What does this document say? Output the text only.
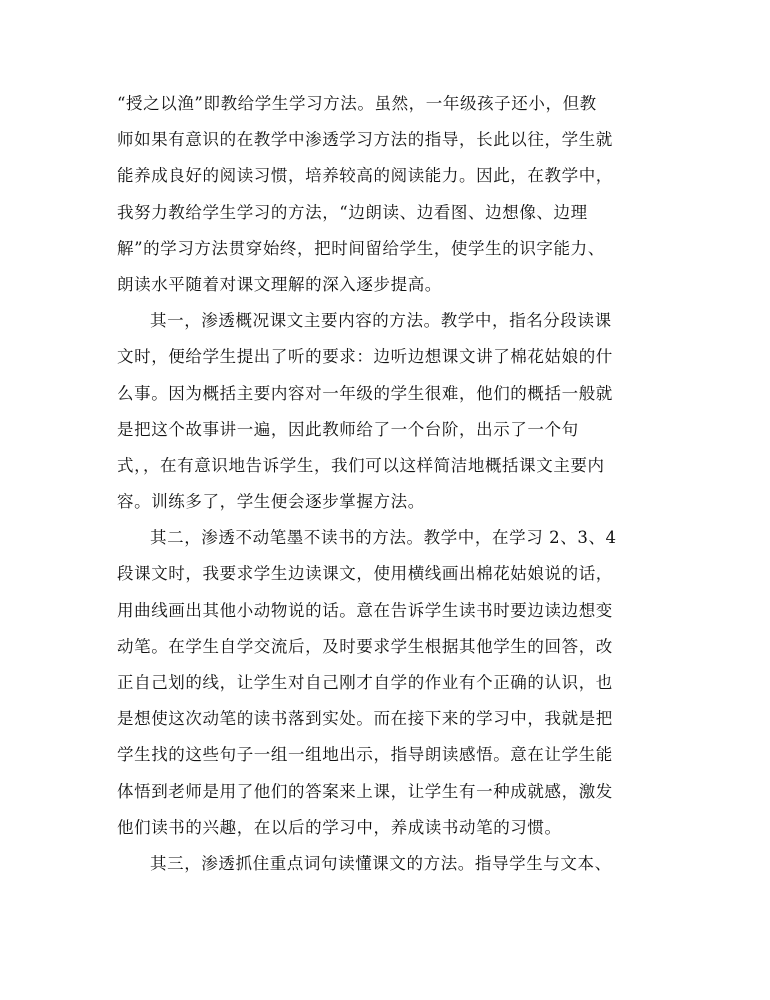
“授之以渔”即教给学生学习方法。虽然，一年级孩子还小，但教
师如果有意识的在教学中渗透学习方法的指导，长此以往，学生就
能养成良好的阅读习惯，培养较高的阅读能力。因此，在教学中，
我努力教给学生学习的方法，“边朗读、边看图、边想像、边理
解”的学习方法贯穿始终，把时间留给学生，使学生的识字能力、
朗读水平随着对课文理解的深入逐步提高。
其一，渗透概况课文主要内容的方法。教学中，指名分段读课
文时，便给学生提出了听的要求：边听边想课文讲了棉花姑娘的什
么事。因为概括主要内容对一年级的学生很难，他们的概括一般就
是把这个故事讲一遍，因此教师给了一个台阶，出示了一个句
式，，在有意识地告诉学生，我们可以这样简洁地概括课文主要内
容。训练多了，学生便会逐步掌握方法。
其二，渗透不动笔墨不读书的方法。教学中，在学习 2、3、4
段课文时，我要求学生边读课文，使用横线画出棉花姑娘说的话，
用曲线画出其他小动物说的话。意在告诉学生读书时要边读边想变
动笔。在学生自学交流后，及时要求学生根据其他学生的回答，改
正自己划的线，让学生对自己刚才自学的作业有个正确的认识，也
是想使这次动笔的读书落到实处。而在接下来的学习中，我就是把
学生找的这些句子一组一组地出示，指导朗读感悟。意在让学生能
体悟到老师是用了他们的答案来上课，让学生有一种成就感，激发
他们读书的兴趣，在以后的学习中，养成读书动笔的习惯。
其三，渗透抓住重点词句读懂课文的方法。指导学生与文本、
